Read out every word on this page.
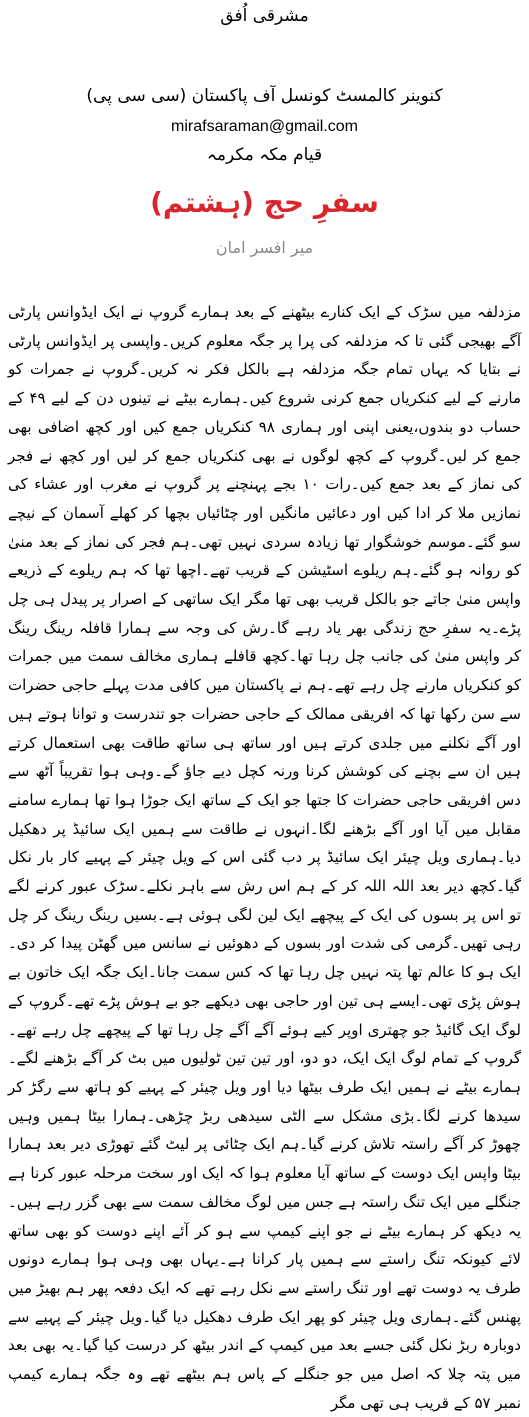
مشرقی اُفق
کنوینر کالمسٹ کونسل آف پاکستان (سی سی پی)
mirafsaraman@gmail.com
قیام مکہ مکرمہ
سفرِ حج (ہشتم)
میر افسر امان

مزدلفہ میں سڑک کے ایک کنارے بیٹھنے کے بعد ہمارے گروپ نے ایک ایڈوانس پارٹی آگے بھیجی گئی تا کہ مزدلفہ کی پرا پر جگہ معلوم کریں۔واپسی پر ایڈوانس پارٹی نے بتایا کہ یہاں تمام جگہ مزدلفہ ہے بالکل فکر نہ کریں۔گروپ نے جمرات کو مارنے کے لیے کنکریاں جمع کرنی شروع کیں۔ہمارے بیٹے نے تینوں دن کے لیے ۴۹ کے حساب دو بندوں،یعنی اپنی اور ہماری ۹۸ کنکریاں جمع کیں اور کچھ اضافی بھی جمع کر لیں۔گروپ کے کچھ لوگوں نے بھی کنکریاں جمع کر لیں اور کچھ نے فجر کی نماز کے بعد جمع کیں۔رات ۱۰ بجے پہنچنے پر گروپ نے مغرب اور عشاء کی نمازیں ملا کر ادا کیں اور دعائیں مانگیں اور چٹائیاں بچھا کر کھلے آسمان کے نیچے سو گئے۔موسم خوشگوار تھا زیادہ سردی نہیں تھی۔ہم فجر کی نماز کے بعد منیٰ کو روانہ ہو گئے۔ہم ریلوے اسٹیشن کے قریب تھے۔اچھا تھا کہ ہم ریلوے کے ذریعے واپس منیٰ جاتے جو بالکل قریب بھی تھا مگر ایک ساتھی کے اصرار پر پیدل ہی چل پڑے۔یہ سفرِ حج زندگی بھر یاد رہے گا۔رش کی وجہ سے ہمارا قافلہ رینگ رینگ کر واپس منیٰ کی جانب چل رہا تھا۔کچھ قافلے ہماری مخالف سمت میں جمرات کو کنکریاں مارنے چل رہے تھے۔ہم نے پاکستان میں کافی مدت پہلے حاجی حضرات سے سن رکھا تھا کہ افریقی ممالک کے حاجی حضرات جو تندرست و توانا ہوتے ہیں اور آگے نکلنے میں جلدی کرتے ہیں اور ساتھ ہی ساتھ طاقت بھی استعمال کرتے ہیں ان سے بچنے کی کوشش کرنا ورنہ کچل دیے جاؤ گے۔وہی ہوا تقریباً آٹھ سے دس افریقی حاجی حضرات کا جتھا جو ایک کے ساتھ ایک جوڑا ہوا تھا ہمارے سامنے مقابل میں آیا اور آگے بڑھنے لگا۔انہوں نے طاقت سے ہمیں ایک سائیڈ پر دھکیل دیا۔ہماری ویل چیئر ایک سائیڈ پر دب گئی اس کے ویل چیئر کے پہیے کار بار نکل گیا۔کچھ دیر بعد اللہ اللہ کر کے ہم اس رش سے باہر نکلے۔سڑک عبور کرنے لگے تو اس پر بسوں کی ایک کے پیچھے ایک لین لگی ہوئی ہے۔بسیں رینگ رینگ کر چل رہی تھیں۔گرمی کی شدت اور بسوں کے دھوئیں نے سانس میں گھٹن پیدا کر دی۔ایک ہو کا عالم تھا پتہ نہیں چل رہا تھا کہ کس سمت جانا۔ایک جگہ ایک خاتون بے ہوش پڑی تھی۔ایسے ہی تین اور حاجی بھی دیکھے جو بے ہوش پڑے تھے۔گروپ کے لوگ ایک گائیڈ جو چھتری اوپر کیے ہوئے آگے آگے چل رہا تھا کے پیچھے چل رہے تھے۔گروپ کے تمام لوگ ایک ایک، دو دو، اور تین تین ٹولیوں میں بٹ کر آگے بڑھنے لگے۔ہمارے بیٹے نے ہمیں ایک طرف بیٹھا دیا اور ویل چیئر کے پہیے کو ہاتھ سے رگڑ کر سیدھا کرنے لگا۔بڑی مشکل سے الٹی سیدھی ربڑ چڑھی۔ہمارا بیٹا ہمیں وہیں چھوڑ کر آگے راستہ تلاش کرنے گیا۔ہم ایک چٹائی پر لیٹ گئے تھوڑی دیر بعد ہمارا بیٹا واپس ایک دوست کے ساتھ آیا معلوم ہوا کہ ایک اور سخت مرحلہ عبور کرنا ہے جنگلے میں ایک تنگ راستہ ہے جس میں لوگ مخالف سمت سے بھی گزر رہے ہیں۔یہ دیکھ کر ہمارے بیٹے نے جو اپنے کیمپ سے ہو کر آئے اپنے دوست کو بھی ساتھ لائے کیونکہ تنگ راستے سے ہمیں پار کرانا ہے۔یہاں بھی وہی ہوا ہمارے دونوں طرف یہ دوست تھے اور تنگ راستے سے نکل رہے تھے کہ ایک دفعہ پھر ہم بھیڑ میں پھنس گئے۔ہماری ویل چیئر کو پھر ایک طرف دھکیل دیا گیا۔ویل چیئر کے پہیے سے دوبارہ ربڑ نکل گئی جسے بعد میں کیمپ کے اندر بیٹھ کر درست کیا گیا۔یہ بھی بعد میں پتہ چلا کہ اصل میں جو جنگلے کے پاس ہم بیٹھے تھے وہ جگہ ہمارے کیمپ نمبر ۵۷ کے قریب ہی تھی مگر
